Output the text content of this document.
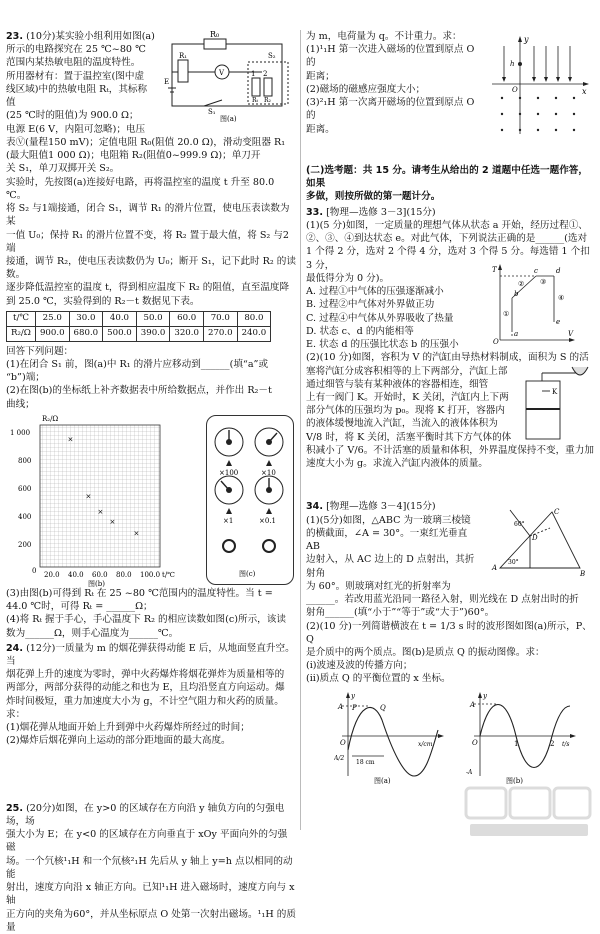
23. (10分)某实验小组利用如图(a)

所示的电路探究在 25 ℃~80 ℃

范围内某热敏电阻的温度特性。

所用器材有：置于温控室(图中虚

线区域)中的热敏电阻 Rₜ，其标称值

(25 ℃时的阻值)为 900.0 Ω；

电源 E(6 V，内阻可忽略)；电压

R₀
V
S₂
R₁
1 2
Rₜ R₂
E
S₁
图(a)

表Ⓥ(量程150 mV)；定值电阻 R₀(阻值 20.0 Ω)，滑动变阻器 R₁

(最大阻值1 000 Ω)；电阻箱 R₂(阻值0~999.9 Ω)；单刀开

关 S₁，单刀双掷开关 S₂。

实验时，先按图(a)连接好电路，再将温控室的温度 t 升至 80.0 ℃。

将 S₂ 与1端接通，闭合 S₁，调节 R₁ 的滑片位置，使电压表读数为某

一值 U₀；保持 R₁ 的滑片位置不变，将 R₂ 置于最大值，将 S₂ 与2端

接通，调节 R₂，使电压表读数仍为 U₀；断开 S₁，记下此时 R₂ 的读数。

逐步降低温控室的温度 t，得到相应温度下 R₂ 的阻值，直至温度降

到 25.0 ℃，实验得到的 R₂－t 数据见下表。

t/℃	25.0	30.0	40.0	50.0	60.0	70.0	80.0
R₂/Ω	900.0	680.0	500.0	390.0	320.0	270.0	240.0

回答下列问题：

(1)在闭合 S₁ 前，图(a)中 R₁ 的滑片应移动到______(填“a”或

“b”)端；

(2)在图(b)的坐标纸上补齐数据表中所给数据点，并作出 R₂－t

曲线；

×
×
×
×
×
R₂/Ω
1 000
800
600
400
200
0 20.0 40.0 60.0 80.0 100.0 t/℃
图(b)
×100	×10
×1	×0.1
图(c)

(3)由图(b)可得到 Rₜ 在 25 ~80 ℃范围内的温度特性。当 t =

44.0 ℃时，可得 Rₜ = ______Ω；

(4)将 Rₜ 握于手心，手心温度下 R₂ 的相应读数如图(c)所示，该读

数为______Ω，则手心温度为______℃。

24. (12分)一质量为 m 的烟花弹获得动能 E 后，从地面竖直升空。当

烟花弹上升的速度为零时，弹中火药爆炸将烟花弹炸为质量相等的

两部分，两部分获得的动能之和也为 E，且均沿竖直方向运动。爆

炸时间极短，重力加速度大小为 g，不计空气阻力和火药的质量。

求：

(1)烟花弹从地面开始上升到弹中火药爆炸所经过的时间；

(2)爆炸后烟花弹向上运动的部分距地面的最大高度。

25. (20分)如图，在 y>0 的区域存在方向沿 y 轴负方向的匀强电场，场

强大小为 E；在 y<0 的区域存在方向垂直于 xOy 平面向外的匀强磁

场。一个氕核¹₁H 和一个氘核²₁H 先后从 y 轴上 y=h 点以相同的动能

射出，速度方向沿 x 轴正方向。已知¹₁H 进入磁场时，速度方向与 x 轴

正方向的夹角为60°，并从坐标原点 O 处第一次射出磁场。¹₁H 的质量

为 m，电荷量为 q。不计重力。求：

(1)¹₁H 第一次进入磁场的位置到原点 O 的

距离；

(2)磁场的磁感应强度大小；

(3)²₁H 第一次离开磁场的位置到原点 O 的

距离。

y
x
O
h

(二)选考题：共 15 分。请考生从给出的 2 道题中任选一题作答，如果

多做，则按所做的第一题计分。

33. [物理—选修 3－3](15分)

(1)(5 分)如图，一定质量的理想气体从状态 a 开始，经历过程①、

②、③、④到达状态 e。对此气体，下列说法正确的是______(选对

1 个得 2 分，选对 2 个得 4 分，选对 3 个得 5 分。每选错 1 个扣 3 分，

最低得分为 0 分)。

A. 过程①中气体的压强逐渐减小

B. 过程②中气体对外界做正功

C. 过程④中气体从外界吸收了热量

D. 状态 c、d 的内能相等

E. 状态 d 的压强比状态 b 的压强小

T
O
V
a
b
c	d
e
①
② ③
④

(2)(10 分)如图，容积为 V 的汽缸由导热材料制成，面积为 S 的活

塞将汽缸分成容积相等的上下两部分，汽缸上部

通过细管与装有某种液体的容器相连，细管

上有一阀门 K。开始时，K 关闭，汽缸内上下两

部分气体的压强均为 p₀。现将 K 打开，容器内

的液体缓慢地流入汽缸，当流入的液体体积为

V/8 时，将 K 关闭，活塞平衡时其下方气体的体

K

积减小了 V/6。不计活塞的质量和体积，外界温度保持不变，重力加

速度大小为 g。求流入汽缸内液体的质量。

34. [物理—选修 3－4](15分)

(1)(5分)如图，△ABC 为一玻璃三棱镜

的横截面，∠A = 30°。一束红光垂直 AB

边射入，从 AC 边上的 D 点射出，其折射角

为 60°。则玻璃对红光的折射率为

A
B
C
D
60°
30°

______。若改用蓝光沿同一路径入射，则光线在 D 点射出时的折

射角______(填“小于”“等于”或“大于”)60°。

(2)(10 分)一列简谐横波在 t = 1/3 s 时的波形图如图(a)所示，P、Q

是介质中的两个质点。图(b)是质点 Q 的振动图像。求：

(i)波速及波的传播方向；

(ii)质点 Q 的平衡位置的 x 坐标。

y
A
A/2
O
P	Q
18 cm
x/cm
图(a)
y
A
O	1	2 t/s
-A
图(b)
